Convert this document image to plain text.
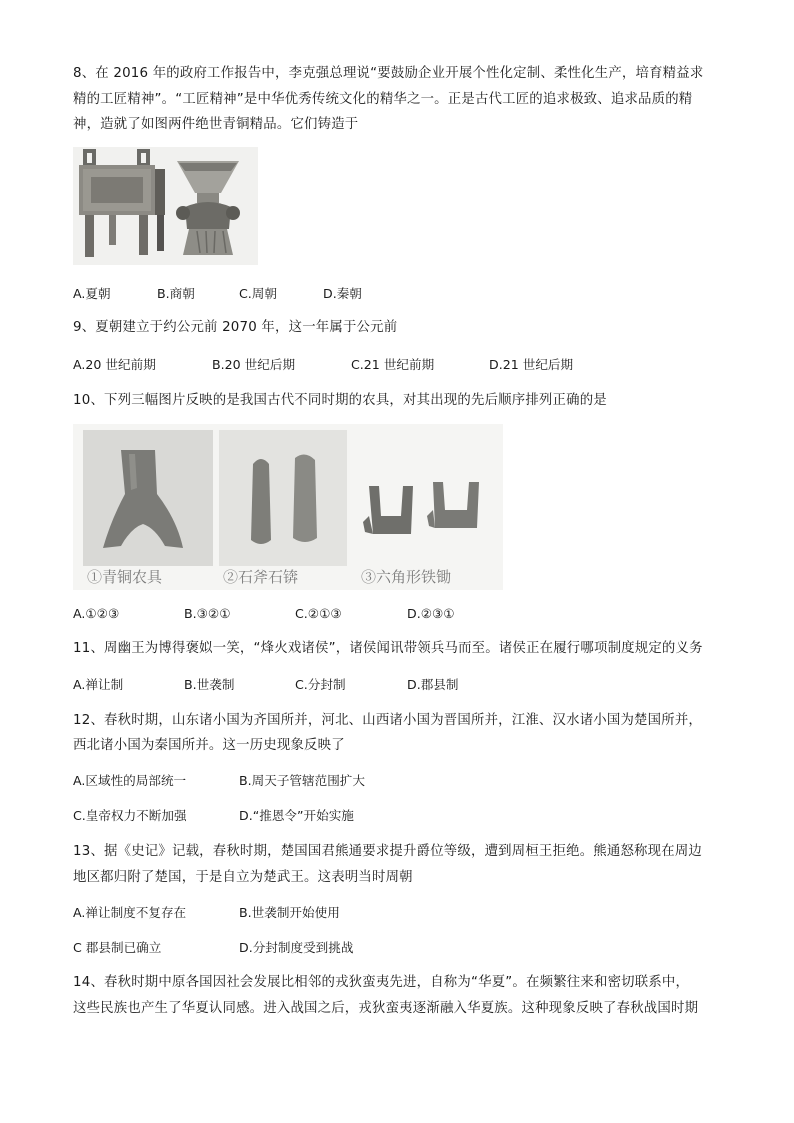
8、在 2016 年的政府工作报告中，李克强总理说“要鼓励企业开展个性化定制、柔性化生产，培育精益求
精的工匠精神”。“工匠精神”是中华优秀传统文化的精华之一。正是古代工匠的追求极致、追求品质的精
神，造就了如图两件绝世青铜精品。它们铸造于
A.夏朝	B.商朝	C.周朝	D.秦朝
9、夏朝建立于约公元前 2070 年，这一年属于公元前
A.20 世纪前期	B.20 世纪后期	C.21 世纪前期	D.21 世纪后期
10、下列三幅图片反映的是我国古代不同时期的农具，对其出现的先后顺序排列正确的是
①青铜农具	②石斧石锛	③六角形铁锄
A.①②③	B.③②①	C.②①③	D.②③①
11、周幽王为博得褒姒一笑，“烽火戏诸侯”，诸侯闻讯带领兵马而至。诸侯正在履行哪项制度规定的义务
A.禅让制	B.世袭制	C.分封制	D.郡县制
12、春秋时期，山东诸小国为齐国所并，河北、山西诸小国为晋国所并，江淮、汉水诸小国为楚国所并，
西北诸小国为秦国所并。这一历史现象反映了
A.区域性的局部统一	B.周天子管辖范围扩大
C.皇帝权力不断加强	D.“推恩令”开始实施
13、据《史记》记载，春秋时期，楚国国君熊通要求提升爵位等级，遭到周桓王拒绝。熊通怒称现在周边
地区都归附了楚国，于是自立为楚武王。这表明当时周朝
A.禅让制度不复存在	B.世袭制开始使用
C 郡县制已确立	D.分封制度受到挑战
14、春秋时期中原各国因社会发展比相邻的戎狄蛮夷先进，自称为“华夏”。在频繁往来和密切联系中，
这些民族也产生了华夏认同感。进入战国之后，戎狄蛮夷逐渐融入华夏族。这种现象反映了春秋战国时期
